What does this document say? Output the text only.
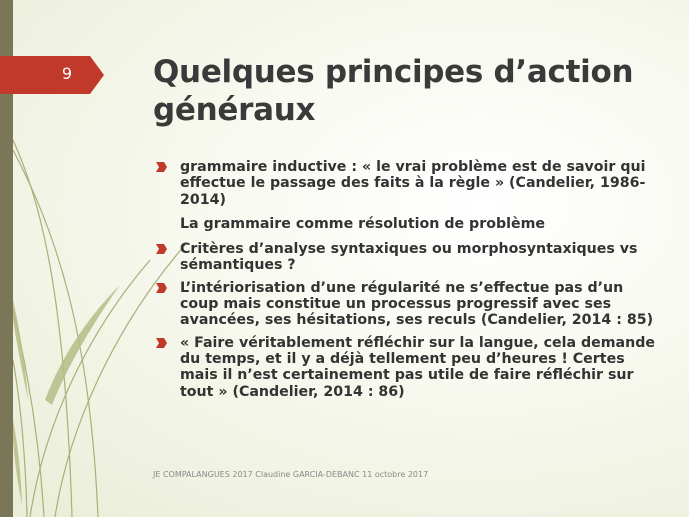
9	Quelques principes d’action généraux
grammaire inductive : « le vrai problème est de savoir qui effectue le passage des faits à la règle » (Candelier, 1986-2014)
La grammaire comme résolution de problème
Critères d’analyse syntaxiques ou morphosyntaxiques vs sémantiques ?
L’intériorisation d’une régularité ne s’effectue pas d’un coup mais constitue un processus progressif avec ses avancées, ses hésitations, ses reculs (Candelier, 2014 : 85)
« Faire véritablement réfléchir sur la langue, cela demande du temps, et il y a déjà tellement peu d’heures ! Certes mais il n’est certainement pas utile de faire réfléchir sur tout » (Candelier, 2014 : 86)
JE COMPALANGUES 2017 Claudine GARCIA-DEBANC 11 octobre 2017
